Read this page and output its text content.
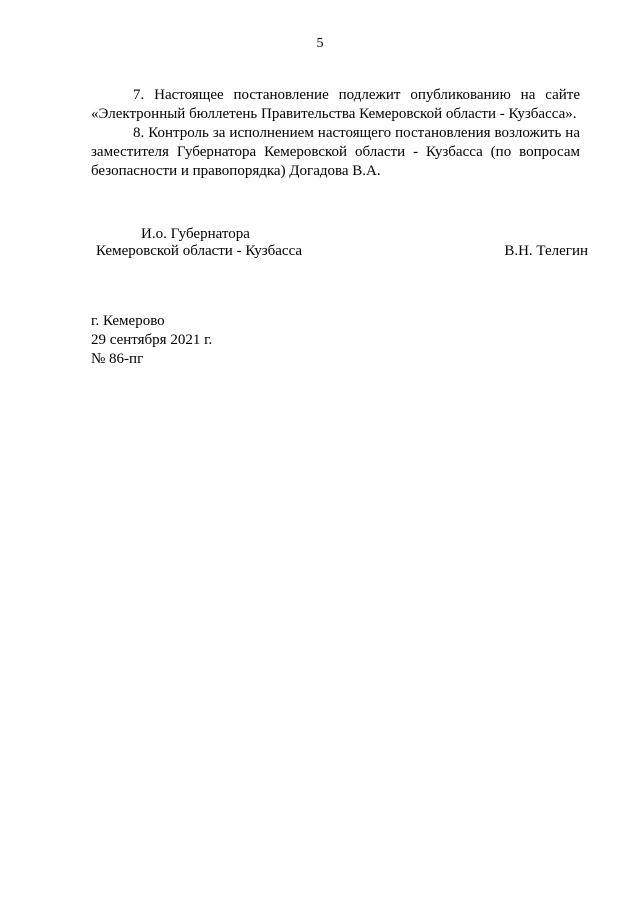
5

7. Настоящее постановление подлежит опубликованию на сайте «Электронный бюллетень Правительства Кемеровской области - Кузбасса».

8. Контроль за исполнением настоящего постановления возложить на заместителя Губернатора Кемеровской области - Кузбасса (по вопросам безопасности и правопорядка) Догадова В.А.

И.о. Губернатора
Кемеровской области - Кузбасса	В.Н. Телегин
г. Кемерово
29 сентября 2021 г.
№ 86-пг
